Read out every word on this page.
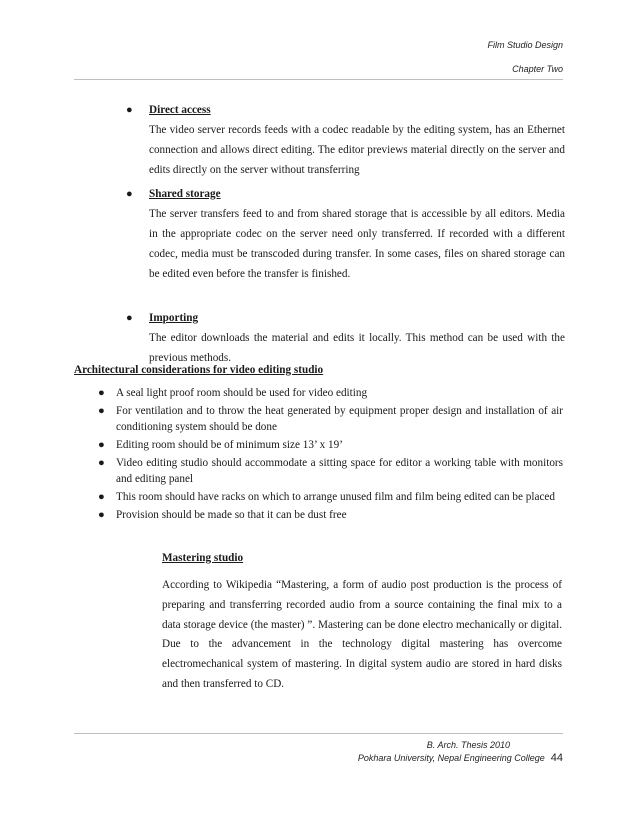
Film Studio Design
Chapter Two
● Direct access
The video server records feeds with a codec readable by the editing system, has an Ethernet connection and allows direct editing. The editor previews material directly on the server and edits directly on the server without transferring
● Shared storage
The server transfers feed to and from shared storage that is accessible by all editors. Media in the appropriate codec on the server need only transferred. If recorded with a different codec, media must be transcoded during transfer. In some cases, files on shared storage can be edited even before the transfer is finished.
● Importing
The editor downloads the material and edits it locally. This method can be used with the previous methods.
Architectural considerations for video editing studio
● A seal light proof room should be used for video editing
● For ventilation and to throw the heat generated by equipment proper design and installation of air conditioning system should be done
● Editing room should be of minimum size 13’ x 19’
● Video editing studio should accommodate a sitting space for editor a working table with monitors and editing panel
● This room should have racks on which to arrange unused film and film being edited can be placed
● Provision should be made so that it can be dust free
Mastering studio
According to Wikipedia “Mastering, a form of audio post production is the process of preparing and transferring recorded audio from a source containing the final mix to a data storage device (the master) ”. Mastering can be done electro mechanically or digital. Due to the advancement in the technology digital mastering has overcome electromechanical system of mastering. In digital system audio are stored in hard disks and then transferred to CD.
B. Arch. Thesis 2010
Pokhara University, Nepal Engineering College 44
